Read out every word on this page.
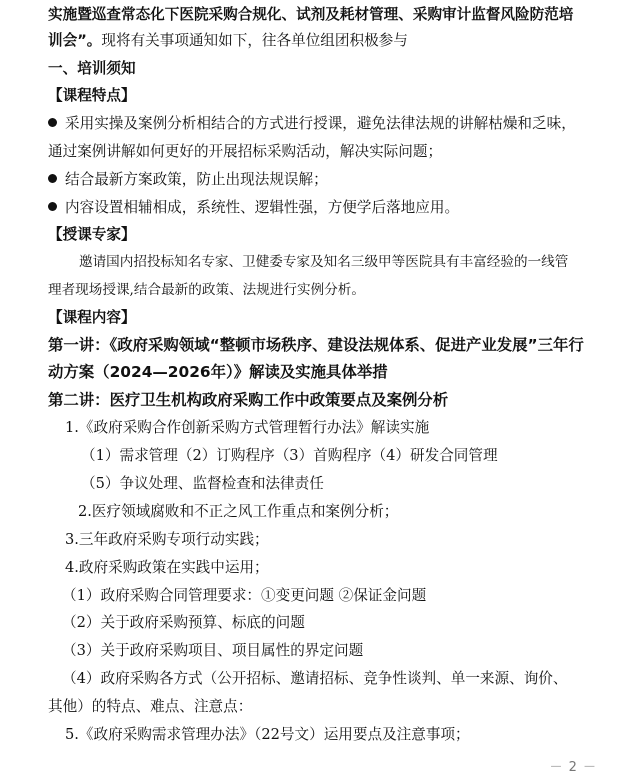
实施暨巡查常态化下医院采购合规化、试剂及耗材管理、采购审计监督风险防范培
训会”。现将有关事项通知如下，往各单位组团积极参与
一、培训须知
【课程特点】
采用实操及案例分析相结合的方式进行授课，避免法律法规的讲解枯燥和乏味，
通过案例讲解如何更好的开展招标采购活动，解决实际问题；
结合最新方案政策，防止出现法规误解；
内容设置相辅相成，系统性、逻辑性强，方便学后落地应用。
【授课专家】
邀请国内招投标知名专家、卫健委专家及知名三级甲等医院具有丰富经验的一线管
理者现场授课,结合最新的政策、法规进行实例分析。
【课程内容】
第一讲：《政府采购领域“整顿市场秩序、建设法规体系、促进产业发展”三年行
动方案（2024—2026年）》解读及实施具体举措
第二讲：医疗卫生机构政府采购工作中政策要点及案例分析
1.《政府采购合作创新采购方式管理暂行办法》解读实施
（1）需求管理（2）订购程序（3）首购程序（4）研发合同管理
（5）争议处理、监督检查和法律责任
2.医疗领域腐败和不正之风工作重点和案例分析；
3.三年政府采购专项行动实践；
4.政府采购政策在实践中运用；
（1）政府采购合同管理要求：①变更问题 ②保证金问题
（2）关于政府采购预算、标底的问题
（3）关于政府采购项目、项目属性的界定问题
（4）政府采购各方式（公开招标、邀请招标、竞争性谈判、单一来源、询价、
其他）的特点、难点、注意点：
5.《政府采购需求管理办法》（22号文）运用要点及注意事项；
－ 2 －
